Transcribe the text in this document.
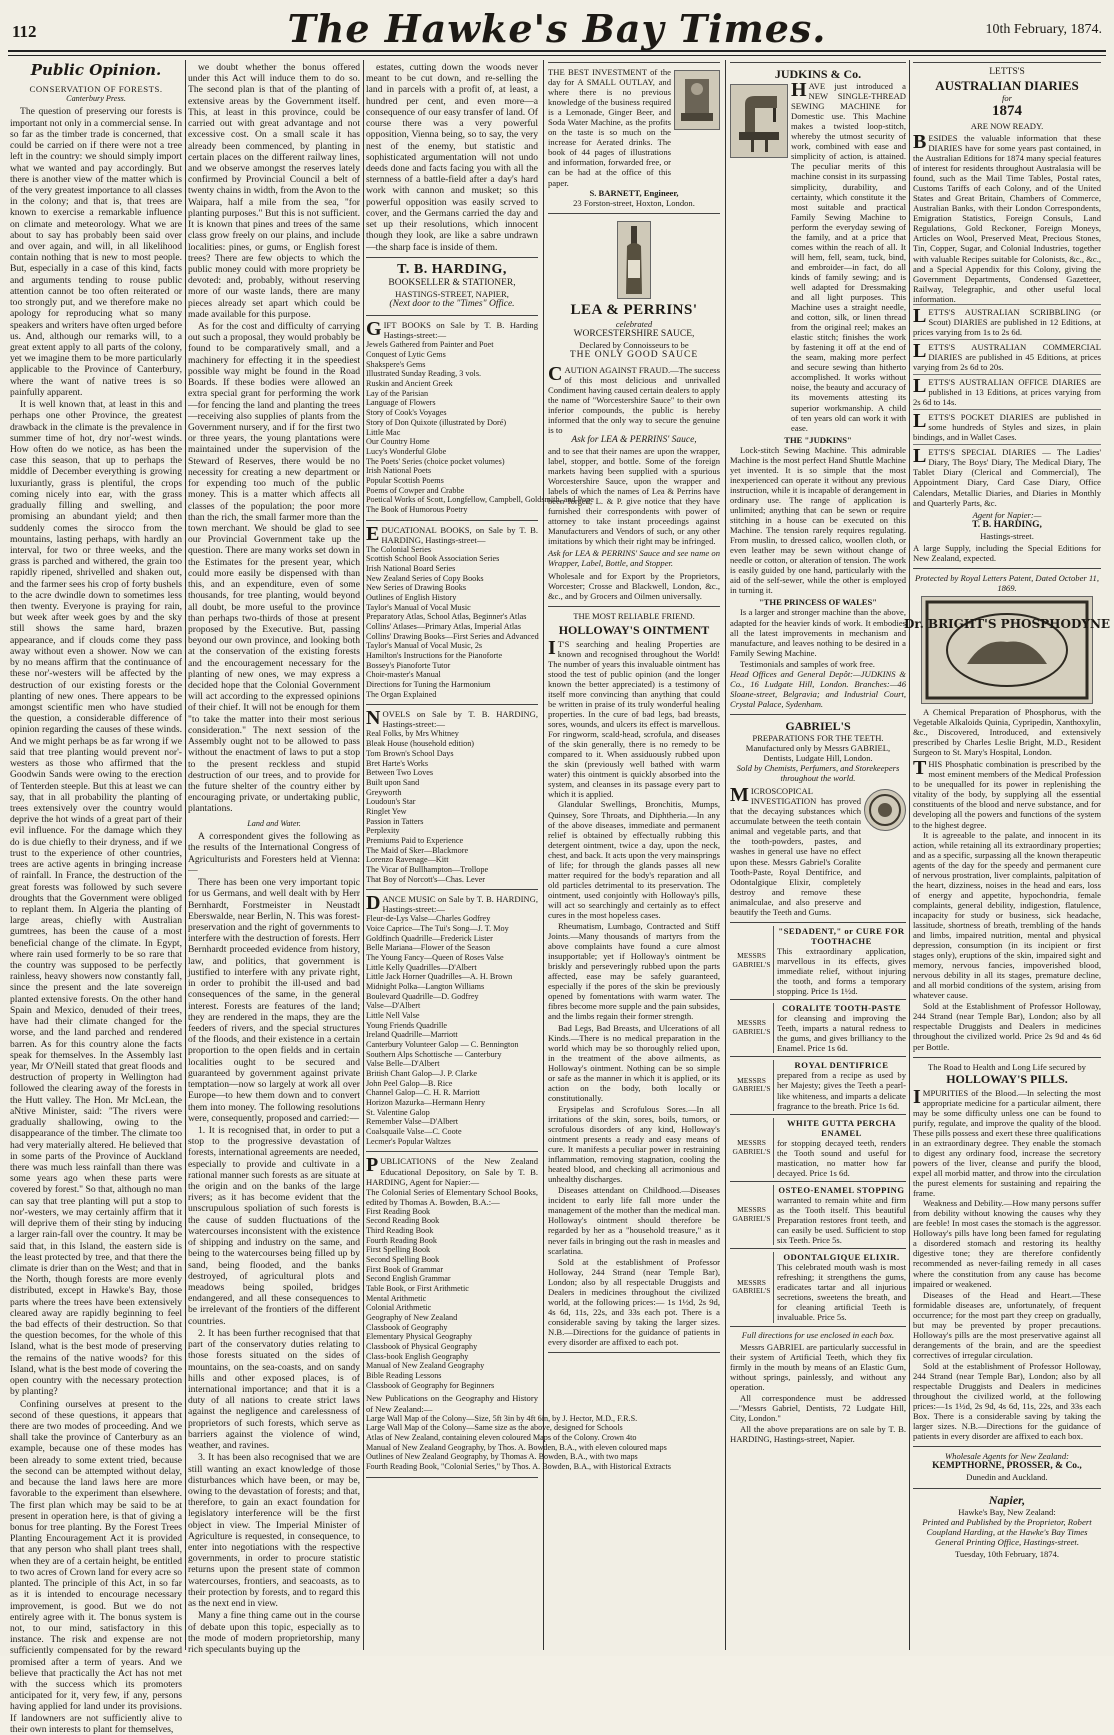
112	The Hawke's Bay Times.	10th February, 1874.
Public Opinion.
CONSERVATION OF FORESTS.
Canterbury Press.

The question of preserving our forests is important not only in a commercial sense. In so far as the timber trade is concerned, that could be carried on if there were not a tree left in the country: we should simply import what we wanted and pay accordingly. But there is another view of the matter which is of the very greatest importance to all classes in the colony; and that is, that trees are known to exercise a remarkable influence on climate and meteorology. What we are about to say has probably been said over and over again, and will, in all likelihood contain nothing that is new to most people. But, especially in a case of this kind, facts and arguments tending to rouse public attention cannot be too often reiterated or too strongly put, and we therefore make no apology for reproducing what so many speakers and writers have often urged before us. And, although our remarks will, to a great extent apply to all parts of the colony, yet we imagine them to be more particularly applicable to the Province of Canterbury, where the want of native trees is so painfully apparent.

It is well known that, at least in this and perhaps one other Province, the greatest drawback in the climate is the prevalence in summer time of hot, dry nor'-west winds. How often do we notice, as has been the case this season, that up to perhaps the middle of December everything is growing luxuriantly, grass is plentiful, the crops coming nicely into ear, with the grass gradually filling and swelling, and promising an abundant yield; and then suddenly comes the sirocco from the mountains, lasting perhaps, with hardly an interval, for two or three weeks, and the grass is parched and withered, the grain too rapidly ripened, shrivelled and shaken out, and the farmer sees his crop of forty bushels to the acre dwindle down to sometimes less then twenty. Everyone is praying for rain, but week after week goes by and the sky still shows the same hard, brazen appearance, and if clouds come they pass away without even a shower. Now we can by no means affirm that the continuance of these nor'-westers will be affected by the destruction of our existing forests or the planting of new ones. There appears to be amongst scientific men who have studied the question, a considerable difference of opinion regarding the causes of these winds. And we might perhaps be as far wrong if we said that tree planting would prevent nor'-westers as those who affirmed that the Goodwin Sands were owing to the erection of Tenterden steeple. But this at least we can say, that in all probability the planting of trees extensively over the country would deprive the hot winds of a great part of their evil influence. For the damage which they do is due chiefly to their dryness, and if we trust to the experience of other countries, trees are active agents in bringing increase of rainfall. In France, the destruction of the great forests was followed by such severe droughts that the Government were obliged to replant them. In Algeria the planting of large areas, chiefly with Australian gumtrees, has been the cause of a most beneficial change of the climate. In Egypt, where rain used formerly to be so rare that the country was supposed to be perfectly rainless, heavy showers now constantly fall, since the present and the late sovereign planted extensive forests. On the other hand Spain and Mexico, denuded of their trees, have had their climate changed for the worse, and the land parched and rendered barren. As for this country alone the facts speak for themselves. In the Assembly last year, Mr O'Neill stated that great floods and destruction of property in Wellington had followed the clearing away of the forests in the Hutt valley. The Hon. Mr McLean, the aNtive Minister, said: "The rivers were gradually shallowing, owing to the disappearance of the timber. The climate too had very materially altered. He believed that in some parts of the Province of Auckland there was much less rainfall than there was some years ago when these parts were covered by forest." So that, although no man can say that tree planting will put a stop to nor'-westers, we may certainly affirm that it will deprive them of their sting by inducing a larger rain-fall over the country. It may be said that, in this Island, the eastern side is the least protected by tree, and that there the climate is drier than on the West; and that in the North, though forests are more evenly distributed, except in Hawke's Bay, those parts where the trees have been extensively cleared away are rapidly beginning to feel the bad effects of their destruction. So that the question becomes, for the whole of this Island, what is the best mode of preserving the remains of the native woods? for this Island, what is the best mode of covering the open country with the necessary protection by planting?

Confining ourselves at present to the second of these questions, it appears that there are two modes of proceeding. And we shall take the province of Canterbury as an example, because one of these modes has been already to some extent tried, because the second can be attempted without delay, and because the land laws here are more favorable to the experiment than elsewhere. The first plan which may be said to be at present in operation here, is that of giving a bonus for tree planting. By the Forest Trees Planting Encouragement Act it is provided that any person who shall plant trees shall, when they are of a certain height, be entitled to two acres of Crown land for every acre so planted. The principle of this Act, in so far as it is intended to encourage necessary improvement, is good. But we do not entirely agree with it. The bonus system is not, to our mind, satisfactory in this instance. The risk and expense are not sufficiently compensated for by the reward promised after a term of years. And we believe that practically the Act has not met with the success which its promoters anticipated for it, very few, if any, persons having applied for land under its provisions. If landowners are not sufficiently alive to their own interests to plant for themselves,

we doubt whether the bonus offered under this Act will induce them to do so. The second plan is that of the planting of extensive areas by the Government itself. This, at least in this province, could be carried out with great advantage and not excessive cost. On a small scale it has already been commenced, by planting in certain places on the different railway lines, and we observe amongst the reserves lately confirmed by Provincial Council a belt of twenty chains in width, from the Avon to the Waipara, half a mile from the sea, "for planting purposes." But this is not sufficient. It is known that pines and trees of the same class grow freely on our plains, and include localities: pines, or gums, or English forest trees? There are few objects to which the public money could with more propriety be devoted: and, probably, without reserving more of our waste lands, there are many pieces already set apart which could be made available for this purpose.

As for the cost and difficulty of carrying out such a proposal, they would probably be found to be comparatively small, and a machinery for effecting it in the speediest possible way might be found in the Road Boards. If these bodies were allowed an extra special grant for performing the work—for fencing the land and planting the trees—receiving also supplies of plants from the Government nursery, and if for the first two or three years, the young plantations were maintained under the supervision of the Steward of Reserves, there would be no necessity for creating a new department or for expending too much of the public money. This is a matter which affects all classes of the population; the poor more than the rich, the small farmer more than the town merchant. We should be glad to see our Provincial Government take up the question. There are many works set down in the Estimates for the present year, which could more easily be dispensed with than this, and an expenditure, even of some thousands, for tree planting, would beyond all doubt, be more useful to the province than perhaps two-thirds of those at present proposed by the Executive. But, passing beyond our own province, and looking both at the conservation of the existing forests and the encouragement necessary for the planting of new ones, we may express a decided hope that the Colonial Government will act according to the expressed opinions of their chief. It will not be enough for them "to take the matter into their most serious consideration." The next session of the Assembly ought not to be allowed to pass without the enactment of laws to put a stop to the present reckless and stupid destruction of our trees, and to provide for the future shelter of the country either by encouraging private, or undertaking public, plantations.

Land and Water.

A correspondent gives the following as the results of the International Congress of Agriculturists and Foresters held at Vienna:—

There has been one very important topic for us Germans, and well dealt with by Herr Bernhardt, Forstmeister in Neustadt Eberswalde, near Berlin, N. This was forest-preservation and the right of governments to interfere with the destruction of forests. Herr Bernhardt proceeded evidence from history, law, and politics, that government is justified to interfere with any private right, in order to prohibit the ill-used and bad consequences of the same, in the general interest. Forests are features of the land; they are rendered in the maps, they are the feeders of rivers, and the special structures of the floods, and their existence in a certain proportion to the open fields and in certain localities ought to be secured and guaranteed by government against private temptation—now so largely at work all over Europe—to hew them down and to convert them into money. The following resolutions were, consequently, proposed and carried:—

1. It is recognised that, in order to put a stop to the progressive devastation of forests, international agreements are needed, especially to provide and cultivate in a rational manner such forests as are situate at the origin and on the banks of the large rivers; as it has become evident that the unscrupulous spoliation of such forests is the cause of sudden fluctuations of the watercourses inconsistent with the existence of shipping and industry on the same, and being to the watercourses being filled up by sand, being flooded, and the banks destroyed, of agricultural plots and meadows being spoiled, bridges endangered, and all these consequences to be irrelevant of the frontiers of the different countries.

2. It has been further recognised that that part of the conservatory duties relating to those forests situated on the sides of mountains, on the sea-coasts, and on sandy hills and other exposed places, is of international importance; and that it is a duty of all nations to create strict laws against the negligence and carelessness of proprietors of such forests, which serve as barriers against the violence of wind, weather, and ravines.

3. It has been also recognised that we are still wanting an exact knowledge of those disturbances which have been, or may be, owing to the devastation of forests; and that, therefore, to gain an exact foundation for legislatory interference will be the first object in view. The Imperial Minister of Agriculture is requested, in consequence, to enter into negotiations with the respective governments, in order to procure statistic returns upon the present state of common watercourses, frontiers, and seacoasts, as to their protection by forests, and to regard this as the next end in view.

Many a fine thing came out in the course of debate upon this topic, especially as to the mode of modern proprietorship, many rich speculants buying up the

estates, cutting down the woods never meant to be cut down, and re-selling the land in parcels with a profit of, at least, a hundred per cent, and even more—a consequence of our easy transfer of land. Of course there was a very powerful opposition, Vienna being, so to say, the very nest of the enemy, but statistic and sophisticated argumentation will not undo deeds done and facts facing you with all the sternness of a battle-field after a day's hard work with cannon and musket; so this powerful opposition was easily scrved to cover, and the Germans carried the day and set up their resolutions, which innocent though they look, are like a sabre undrawn—the sharp face is inside of them.

T. B. HARDING,
BOOKSELLER & STATIONER,
HASTINGS-STREET, NAPIER,
(Next door to the "Times" Office.
GIFT BOOKS on Sale by T. B. Harding Hastings-street:—
Jewels Gathered from Painter and Poet
Conquest of Lytic Gems
Shakspere's Gems
Illustrated Sunday Reading, 3 vols.
Ruskin and Ancient Greek
Lay of the Parisian
Language of Flowers
Story of Cook's Voyages
Story of Don Quixote (illustrated by Doré)
Little Mac
Our Country Home
Lucy's Wonderful Globe
The Poets' Series (choice pocket volumes)
Irish National Poets
Popular Scottish Poems
Poems of Cowper and Crabbe
Poetical Works of Scott, Longfellow, Campbell, Goldsmith, and Pope
The Book of Humorous Poetry
EDUCATIONAL BOOKS, on Sale by T. B. HARDING, Hastings-street—
The Colonial Series
Scottish School Book Association Series
Irish National Board Series
New Zealand Series of Copy Books
New Series of Drawing Books
Outlines of English History
Taylor's Manual of Vocal Music
Preparatory Atlas, School Atlas, Beginner's Atlas
Collins' Atlases—Primary Atlas, Imperial Atlas
Collins' Drawing Books—First Series and Advanced
Taylor's Manual of Vocal Music, 2s
Hamilton's Instructions for the Pianoforte
Bossey's Pianoforte Tutor
Choir-master's Manual
Directions for Tuning the Harmonium
The Organ Explained
NOVELS on Sale by T. B. HARDING, Hastings-street:—
Real Folks, by Mrs Whitney
Bleak House (household edition)
Tom Brown's School Days
Bret Harte's Works
Between Two Loves
Built upon Sand
Greyworth
Loudoun's Star
Ringlet Yew
Passion in Tatters
Perplexity
Premiums Paid to Experience
The Maid of Sker—Blackmore
Lorenzo Ravenage—Kitt
The Vicar of Bullhampton—Trollope
That Boy of Norcott's—Chas. Lever
DANCE MUSIC on Sale by T. B. HARDING, Hastings-street:—
Fleur-de-Lys Valse—Charles Godfrey
Voice Caprice—The Tui's Song—J. T. Moy
Goldfinch Quadrille—Frederick Lister
Belle Mariana—Flower of the Season
The Young Fancy—Queen of Roses Valse
Little Kelly Quadrilles—D'Albert
Little Jack Horner Quadrilles—A. H. Brown
Midnight Polka—Langton Williams
Boulevard Quadrille—D. Godfrey
Valse—D'Albert
Little Nell Valse
Young Friends Quadrille
Ireland Quadrille—Marriott
Canterbury Volunteer Galop — C. Bennington
Southern Alps Schottische — Canterbury
Valse Belle—D'Albert
British Chant Galop—J. P. Clarke
John Peel Galop—B. Rice
Channel Galop—C. H. R. Marriott
Horizon Mazurka—Hermann Henry
St. Valentine Galop
Remember Valse—D'Albert
Coalsquaile Valse—C. Coote
Lecmer's Popular Waltzes
PUBLICATIONS of the New Zealand Educational Depository, on Sale by T. B. HARDING, Agent for Napier:—
The Colonial Series of Elementary School Books, edited by Thomas A. Bowden, B.A.:—
First Reading Book
Second Reading Book
Third Reading Book
Fourth Reading Book
First Spelling Book
Second Spelling Book
First Book of Grammar
Second English Grammar
Table Book, or First Arithmetic
Mental Arithmetic
Colonial Arithmetic
Geography of New Zealand
Classbook of Geography
Elementary Physical Geography
Classbook of Physical Geography
Class-book English Geography
Manual of New Zealand Geography
Bible Reading Lessons
Classbook of Geography for Beginners
New Publications on the Geography and History of New Zealand:—
Large Wall Map of the Colony—Size, 5ft 3in by 4ft 6in, by J. Hector, M.D., F.R.S.
Large Wall Map of the Colony—Same size as the above, designed for Schools
Atlas of New Zealand, containing eleven coloured Maps of the Colony. Crown 4to
Manual of New Zealand Geography, by Thos. A. Bowden, B.A., with eleven coloured maps
Outlines of New Zealand Geography, by Thomas A. Bowden, B.A., with two maps
Fourth Reading Book, "Colonial Series," by Thos. A. Bowden, B.A., with Historical Extracts
THE BEST INVESTMENT of the day for A SMALL OUTLAY, and where there is no previous knowledge of the business required is a Lemonade, Ginger Beer, and Soda Water Machine, as the profits on the taste is so much on the increase for Aerated drinks. The book of 44 pages of illustrations and information, forwarded free, or can be had at the office of this paper.
S. BARNETT, Engineer,
23 Forston-street, Hoxton, London.
LEA & PERRINS'
celebrated
WORCESTERSHIRE SAUCE,
Declared by Connoisseurs to be
THE ONLY GOOD SAUCE
CAUTION AGAINST FRAUD.—The success of this most delicious and unrivalled Condiment having caused certain dealers to apply the name of "Worcestershire Sauce" to their own inferior compounds, the public is hereby informed that the only way to secure the genuine is to
Ask for LEA & PERRINS' Sauce,
and to see that their names are upon the wrapper, label, stopper, and bottle. Some of the foreign markets having been supplied with a spurious Worcestershire Sauce, upon the wrapper and labels of which the names of Lea & Perrins have been forged, L. & P. give notice that they have furnished their correspondents with power of attorney to take instant proceedings against Manufacturers and Vendors of such, or any other imitations by which their right may be infringed.
Ask for LEA & PERRINS' Sauce and see name on Wrapper, Label, Bottle, and Stopper.
Wholesale and for Export by the Proprietors, Worcester; Crosse and Blackwell, London, &c., &c., and by Grocers and Oilmen universally.
THE MOST RELIABLE FRIEND.
HOLLOWAY'S OINTMENT

IT'S searching and healing Properties are known and recognised throughout the World! The number of years this invaluable ointment has stood the test of public opinion (and the longer known the better appreciated) is a testimony of itself more convincing than anything that could be written in praise of its truly wonderful healing properties. In the cure of bad legs, bad breasts, sores, wounds, and ulcers its effect is marvellous. For ringworm, scald-head, scrofula, and diseases of the skin generally, there is no remedy to be compared to it. When assiduously rubbed upon the skin (previously well bathed with warm water) this ointment is quickly absorbed into the system, and cleanses in its passage every part to which it is applied.

Glandular Swellings, Bronchitis, Mumps, Quinsey, Sore Throats, and Diphtheria.—In any of the above diseases, immediate and permanent relief is obtained by effectually rubbing this detergent ointment, twice a day, upon the neck, chest, and back. It acts upon the very mainsprings of life; for through the glands passes all new matter required for the body's reparation and all old particles detrimental to its preservation. The ointment, used conjointly with Holloway's pills, will act so searchingly and certainly as to effect cures in the most hopeless cases.

Rheumatism, Lumbago, Contracted and Stiff Joints.—Many thousands of martyrs from the above complaints have found a cure almost insupportable; yet if Holloway's ointment be briskly and perseveringly rubbed upon the parts affected, ease may be safely guaranteed, especially if the pores of the skin be previously opened by fomentations with warm water. The fibres become more supple and the pain subsides, and the limbs regain their former strength.

Bad Legs, Bad Breasts, and Ulcerations of all Kinds.—There is no medical preparation in the world which may be so thoroughly relied upon, in the treatment of the above ailments, as Holloway's ointment. Nothing can be so simple or safe as the manner in which it is applied, or its action on the body, both locally or constitutionally.

Erysipelas and Scrofulous Sores.—In all irritations of the skin, sores, boils, tumors, or scrofulous disorders of any kind, Holloway's ointment presents a ready and easy means of cure. It manifests a peculiar power in restraining inflammation, removing stagnation, cooling the heated blood, and checking all acrimonious and unhealthy discharges.

Diseases attendant on Childhood.—Diseases incident to early life fall more under the management of the mother than the medical man. Holloway's ointment should therefore be regarded by her as a "household treasure," as it never fails in bringing out the rash in measles and scarlatina.

Sold at the establishment of Professor Holloway, 244 Strand (near Temple Bar), London; also by all respectable Druggists and Dealers in medicines throughout the civilized world, at the following prices:— 1s 1½d, 2s 9d, 4s 6d, 11s, 22s, and 33s each pot. There is a considerable saving by taking the larger sizes. N.B.—Directions for the guidance of patients in every disorder are affixed to each pot.

JUDKINS & Co.
HAVE just introduced a NEW SINGLE-THREAD SEWING MACHINE for Domestic use. This Machine makes a twisted loop-stitch, whereby the utmost security of work, combined with ease and simplicity of action, is attained. The peculiar merits of this machine consist in its surpassing simplicity, durability, and certainty, which constitute it the most suitable and practical Family Sewing Machine to perform the everyday sewing of the family, and at a price that comes within the reach of all. It will hem, fell, seam, tuck, bind, and embroider—in fact, do all kinds of family sewing; and is well adapted for Dressmaking and all light purposes. This Machine uses a straight needle, and cotton, silk, or linen thread from the original reel; makes an elastic stitch; finishes the work by fastening it off at the end of the seam, making more perfect and secure sewing than hitherto accomplished. It works without noise, the beauty and accuracy of its movements attesting its superior workmanship. A child of ten years old can work it with ease.
THE "JUDKINS"
Lock-stitch Sewing Machine. This admirable Machine is the most perfect Hand Shuttle Machine yet invented. It is so simple that the most inexperienced can operate it without any previous instruction, while it is incapable of derangement in ordinary use. The range of application is unlimited; anything that can be sewn or require stitching in a house can be executed on this Machine. The tension rarely requires regulating. From muslin, to dressed calico, woollen cloth, or even leather may be sewn without change of needle or cotton, or alteration of tension. The work is easily guided by one hand, particularly with the aid of the self-sewer, while the other is employed in turning it.
"THE PRINCESS OF WALES"
Is a larger and stronger machine than the above, adapted for the heavier kinds of work. It embodies all the latest improvements in mechanism and manufacture, and leaves nothing to be desired in a Family Sewing Machine.
Testimonials and samples of work free.
Head Offices and General Depôt:—JUDKINS & Co., 16 Ludgate Hill, London. Branches:—46 Sloane-street, Belgravia; and Industrial Court, Crystal Palace, Sydenham.
GABRIEL'S
PREPARATIONS FOR THE TEETH.
Manufactured only by Messrs GABRIEL, Dentists, Ludgate Hill, London.
Sold by Chemists, Perfumers, and Storekeepers throughout the world.
MICROSCOPICAL INVESTIGATION has proved that the decaying substances which accumulate between the teeth contain animal and vegetable parts, and that the tooth-powders, pastes, and washes in general use have no effect upon these. Messrs Gabriel's Coralite Tooth-Paste, Royal Dentifrice, and Odontalgique Elixir, completely destroy and remove these animalculae, and also preserve and beautify the Teeth and Gums.
MESSRS GABRIEL'S
"SEDADENT," or CURE FOR TOOTHACHE
This extraordinary application, marvellous in its effects, gives immediate relief, without injuring the tooth, and forms a temporary stopping. Price 1s 1½d.
MESSRS GABRIEL'S
CORALITE TOOTH-PASTE
for cleansing and improving the Teeth, imparts a natural redness to the gums, and gives brilliancy to the Enamel. Price 1s 6d.
MESSRS GABRIEL'S
ROYAL DENTIFRICE
prepared from a recipe as used by her Majesty; gives the Teeth a pearl-like whiteness, and imparts a delicate fragrance to the breath. Price 1s 6d.
MESSRS GABRIEL'S
WHITE GUTTA PERCHA ENAMEL
for stopping decayed teeth, renders the Tooth sound and useful for mastication, no matter how far decayed. Price 1s 6d.
MESSRS GABRIEL'S
OSTEO-ENAMEL STOPPING
warranted to remain white and firm as the Tooth itself. This beautiful Preparation restores front teeth, and can easily be used. Sufficient to stop six Teeth. Price 5s.
MESSRS GABRIEL'S
ODONTALGIQUE ELIXIR.
This celebrated mouth wash is most refreshing; it strengthens the gums, eradicates tartar and all injurious secretions, sweetens the breath, and for cleaning artificial Teeth is invaluable. Price 5s.
Full directions for use enclosed in each box.
Messrs GABRIEL are particularly successful in their system of Artificial Teeth, which they fix firmly in the mouth by means of an Elastic Gum, without springs, painlessly, and without any operation.
All correspondence must be addressed—"Messrs Gabriel, Dentists, 72 Ludgate Hill, City, London."
All the above preparations are on sale by T. B. HARDING, Hastings-street, Napier.
LETTS'S
AUSTRALIAN DIARIES
for
1874
ARE NOW READY.
BESIDES the valuable information that these DIARIES have for some years past contained, in the Australian Editions for 1874 many special features of interest for residents throughout Australasia will be found, such as the Mail Time Tables, Postal rates, Customs Tariffs of each Colony, and of the United States and Great Britain, Chambers of Commerce, Australian Banks, with their London Correspondents, Emigration Statistics, Foreign Consuls, Land Regulations, Gold Reckoner, Foreign Moneys, Articles on Wool, Preserved Meat, Precious Stones, Tin, Copper, Sugar, and Colonial Industries, together with valuable Recipes suitable for Colonists, &c., &c., and a Special Appendix for this Colony, giving the Government Departments, Condensed Gazetteer, Railway, Telegraphic, and other useful local information.
LETTS'S AUSTRALIAN SCRIBBLING (or Scout) DIARIES are published in 12 Editions, at prices varying from 1s to 2s 6d.
LETTS'S AUSTRALIAN COMMERCIAL DIARIES are published in 45 Editions, at prices varying from 2s 6d to 20s.
LETTS'S AUSTRALIAN OFFICE DIARIES are published in 13 Editions, at prices varying from 2s 6d to 14s.
LETTS'S POCKET DIARIES are published in some hundreds of Styles and sizes, in plain bindings, and in Wallet Cases.
LETTS'S SPECIAL DIARIES — The Ladies' Diary, The Boys' Diary, The Medical Diary, The Tablet Diary (Clerical and Commercial), The Appointment Diary, Card Case Diary, Office Calendars, Metallic Diaries, and Diaries in Monthly and Quarterly Parts, &c.
Agent for Napier:—
T. B. HARDING,
Hastings-street.
A large Supply, including the Special Editions for New Zealand, expected.
Protected by Royal Letters Patent, Dated October 11, 1869.
Dr. BRIGHT'S PHOSPHODYNE
A Chemical Preparation of Phosphorus, with the Vegetable Alkaloids Quinia, Cypripedin, Xanthoxylin, &c., Discovered, Introduced, and extensively prescribed by Charles Leslie Bright, M.D., Resident Surgeon to St. Mary's Hospital, London.
THIS Phosphatic combination is prescribed by the most eminent members of the Medical Profession to be unequalled for its power in replenishing the vitality of the body, by supplying all the essential constituents of the blood and nerve substance, and for developing all the powers and functions of the system to the highest degree.
It is agreeable to the palate, and innocent in its action, while retaining all its extraordinary properties; and as a specific, surpassing all the known therapeutic agents of the day for the speedy and permanent cure of nervous prostration, liver complaints, palpitation of the heart, dizziness, noises in the head and ears, loss of energy and appetite, hypochondria, female complaints, general debility, indigestion, flatulence, incapacity for study or business, sick headache, lassitude, shortness of breath, trembling of the hands and limbs, impaired nutrition, mental and physical depression, consumption (in its incipient or first stages only), eruptions of the skin, impaired sight and memory, nervous fancies, impoverished blood, nervous debility in all its stages, premature decline, and all morbid conditions of the system, arising from whatever cause.
Sold at the Establishment of Professor Holloway, 244 Strand (near Temple Bar), London; also by all respectable Druggists and Dealers in medicines throughout the civilized world. Price 2s 9d and 4s 6d per Bottle.
The Road to Health and Long Life secured by
HOLLOWAY'S PILLS.
IMPURITIES of the Blood.—In selecting the most appropriate medicine for a particular ailment, there may be some difficulty unless one can be found to purify, regulate, and improve the quality of the blood. These pills possess and exert these three qualifications in an extraordinary degree. They enable the stomach to digest any ordinary food, increase the secretory powers of the liver, cleanse and purify the blood, expel all morbid matter, and throw into the circulation the purest elements for sustaining and repairing the frame.
Weakness and Debility.—How many persons suffer from debility without knowing the causes why they are feeble! In most cases the stomach is the aggressor. Holloway's pills have long been famed for regulating a disordered stomach and restoring its healthy digestive tone; they are therefore confidently recommended as never-failing remedy in all cases where the constitution from any cause has become impaired or weakened.
Diseases of the Head and Heart.—These formidable diseases are, unfortunately, of frequent occurrence; for the most part they creep on gradually, but may be prevented by proper precautions. Holloway's pills are the most preservative against all derangements of the brain, and are the speediest correctives of irregular circulation.
Sold at the establishment of Professor Holloway, 244 Strand (near Temple Bar), London; also by all respectable Druggists and Dealers in medicines throughout the civilized world, at the following prices:—1s 1½d, 2s 9d, 4s 6d, 11s, 22s, and 33s each Box. There is a considerable saving by taking the larger sizes. N.B.—Directions for the guidance of patients in every disorder are affixed to each box.
Wholesale Agents for New Zealand:
KEMPTHORNE, PROSSER, & Co.,
Dunedin and Auckland.
Napier,
Hawke's Bay, New Zealand:
Printed and Published by the Proprietor, Robert Coupland Harding, at the Hawke's Bay Times General Printing Office, Hastings-street.
Tuesday, 10th February, 1874.
